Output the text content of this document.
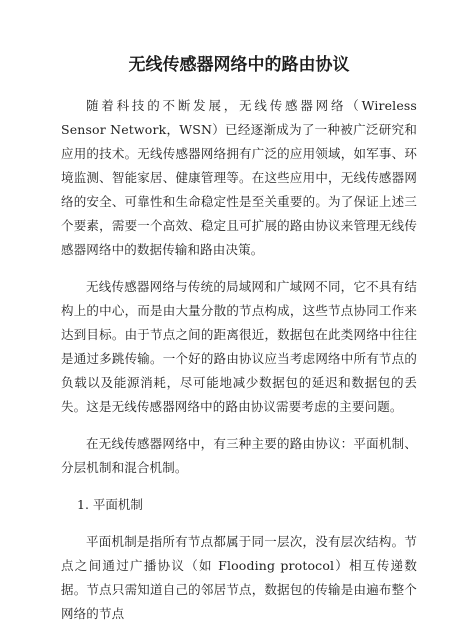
无线传感器网络中的路由协议

随着科技的不断发展，无线传感器网络（Wireless Sensor Network，WSN）已经逐渐成为了一种被广泛研究和应用的技术。无线传感器网络拥有广泛的应用领域，如军事、环境监测、智能家居、健康管理等。在这些应用中，无线传感器网络的安全、可靠性和生命稳定性是至关重要的。为了保证上述三个要素，需要一个高效、稳定且可扩展的路由协议来管理无线传感器网络中的数据传输和路由决策。

无线传感器网络与传统的局域网和广域网不同，它不具有结构上的中心，而是由大量分散的节点构成，这些节点协同工作来达到目标。由于节点之间的距离很近，数据包在此类网络中往往是通过多跳传输。一个好的路由协议应当考虑网络中所有节点的负载以及能源消耗，尽可能地减少数据包的延迟和数据包的丢失。这是无线传感器网络中的路由协议需要考虑的主要问题。

在无线传感器网络中，有三种主要的路由协议：平面机制、分层机制和混合机制。

1. 平面机制

平面机制是指所有节点都属于同一层次，没有层次结构。节点之间通过广播协议（如 Flooding protocol）相互传递数据。节点只需知道自己的邻居节点，数据包的传输是由遍布整个网络的节点
